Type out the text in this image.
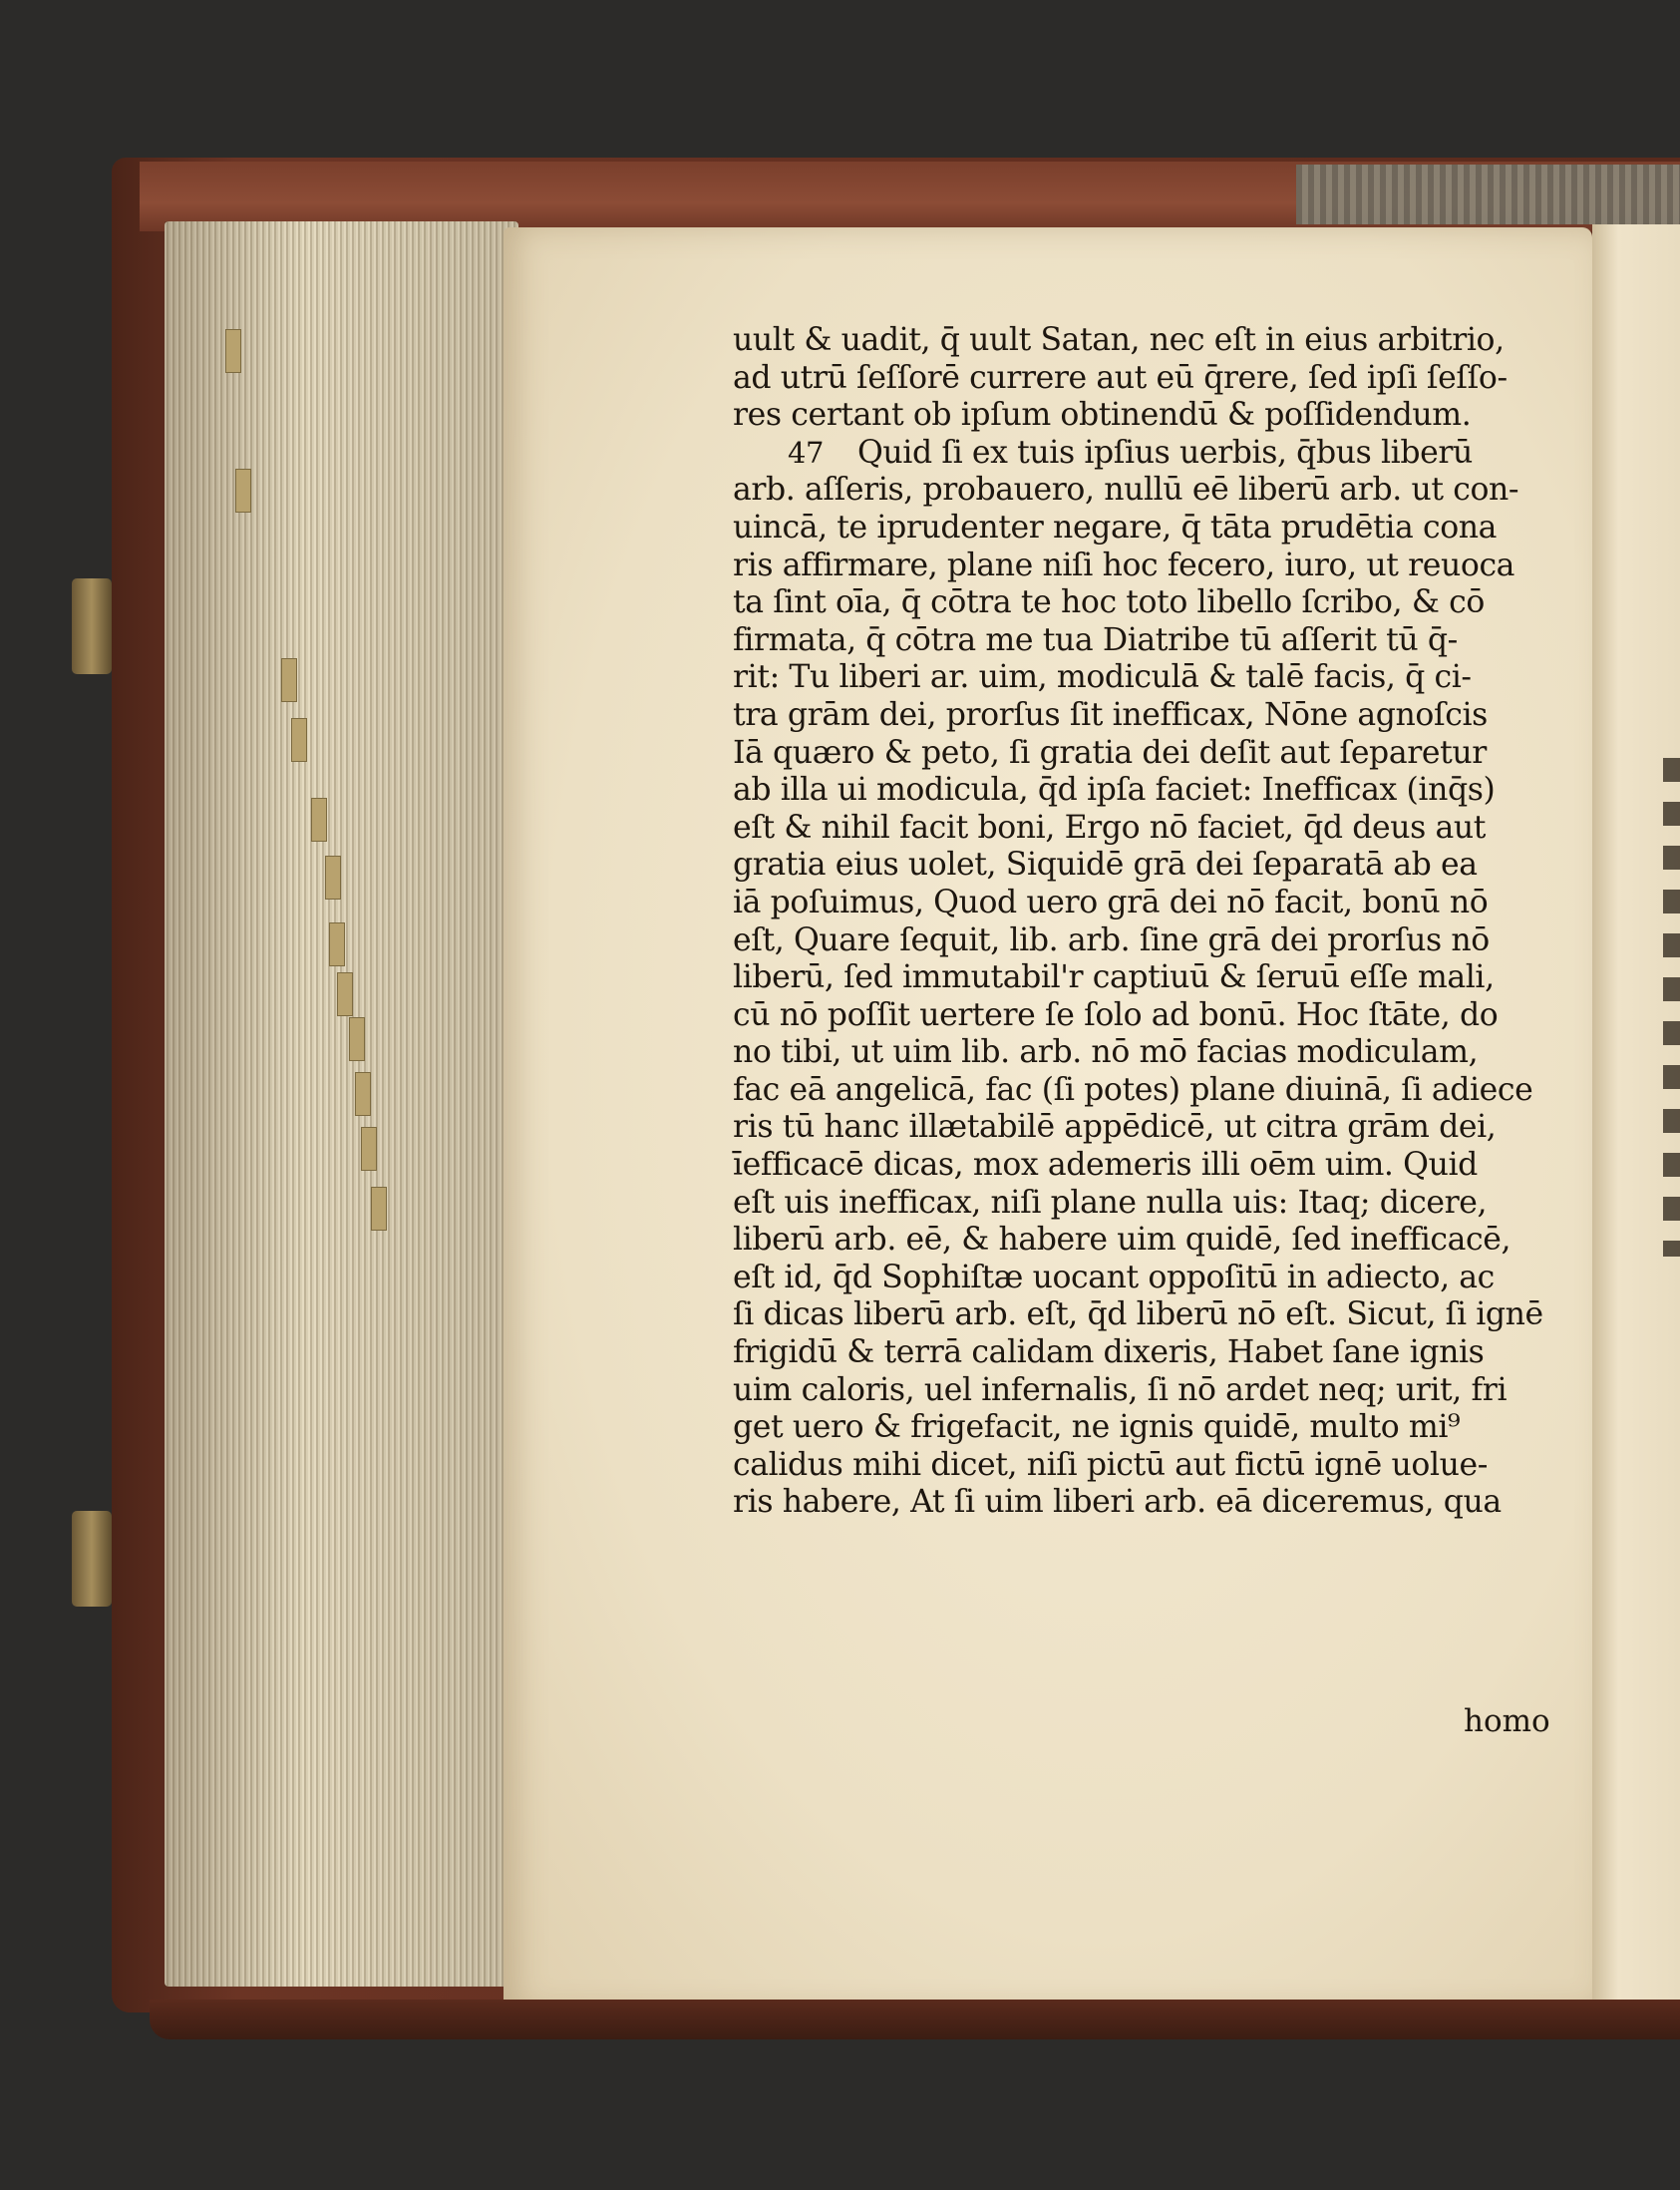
uult & uadit, q̄ uult Satan, nec eſt in eius arbitrio,
ad utrū ſeſſorē currere aut eū q̄rere, ſed ipſi ſeſſo-
res certant ob ipſum obtinendū & poſſidendum.
47 Quid ſi ex tuis ipſius uerbis, q̄bus liberū
arb. aſſeris, probauero, nullū eē liberū arb. ut con-
uincā, te iprudenter negare, q̄ tāta prudētia cona
ris affirmare, plane niſi hoc fecero, iuro, ut reuoca
ta ſint oīa, q̄ cōtra te hoc toto libello ſcribo, & cō
firmata, q̄ cōtra me tua Diatribe tū aſſerit tū q̄-
rit: Tu liberi ar. uim, modiculā & talē facis, q̄ ci-
tra grām dei, prorſus ſit inefficax, Nōne agnoſcis
Iā quæro & peto, ſi gratia dei deſit aut ſeparetur
ab illa ui modicula, q̄d ipſa faciet: Inefficax (inq̄s)
eſt & nihil facit boni, Ergo nō faciet, q̄d deus aut
gratia eius uolet, Siquidē grā dei ſeparatā ab ea
iā poſuimus, Quod uero grā dei nō facit, bonū nō
eſt, Quare ſequit, lib. arb. ſine grā dei prorſus nō
liberū, ſed immutabil'r captiuū & ſeruū eſſe mali,
cū nō poſſit uertere ſe ſolo ad bonū. Hoc ſtāte, do
no tibi, ut uim lib. arb. nō mō facias modiculam,
fac eā angelicā, fac (ſi potes) plane diuinā, ſi adiece
ris tū hanc illætabilē appēdicē, ut citra grām dei,
īefficacē dicas, mox ademeris illi oēm uim. Quid
eſt uis inefficax, niſi plane nulla uis: Itaq; dicere,
liberū arb. eē, & habere uim quidē, ſed inefficacē,
eſt id, q̄d Sophiſtæ uocant oppoſitū in adiecto, ac
ſi dicas liberū arb. eſt, q̄d liberū nō eſt. Sicut, ſi ignē
frigidū & terrā calidam dixeris, Habet ſane ignis
uim caloris, uel infernalis, ſi nō ardet neq; urit, fri
get uero & frigefacit, ne ignis quidē, multo mi⁹
calidus mihi dicet, niſi pictū aut fictū ignē uolue-
ris habere, At ſi uim liberi arb. eā diceremus, qua
homo
